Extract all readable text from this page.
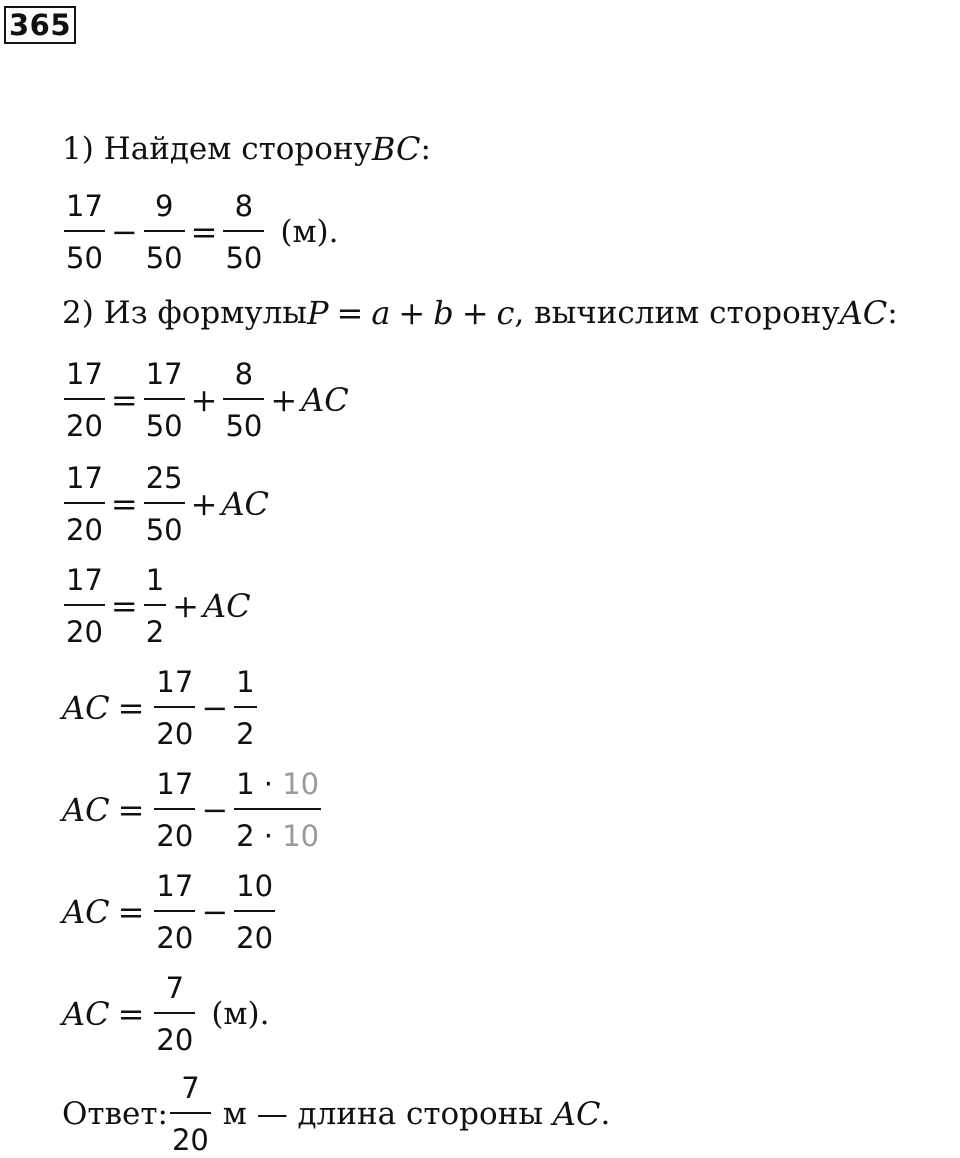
365
1) Найдем сторону BC :
$\frac{17}{50} - \frac{9}{50} = \frac{8}{50} (м)$.
2) Из формулы P = a + b + c , вычислим сторону AC :
$\frac{17}{20} = \frac{17}{50} + \frac{8}{50}$ + AC
$\frac{17}{20} = \frac{25}{50}$ + AC
$\frac{17}{20} = \frac{1}{2}$ + AC
AC = $\frac{17}{20} - \frac{1}{2}$
AC = $\frac{17}{20} - \frac{1 \cdot 10}{2 \cdot 10}$
AC = $\frac{17}{20} - \frac{10}{20}$
AC = $\frac{7}{20} (м)$.
Ответ: $\frac{7}{20}$ м — длина стороны AC .
